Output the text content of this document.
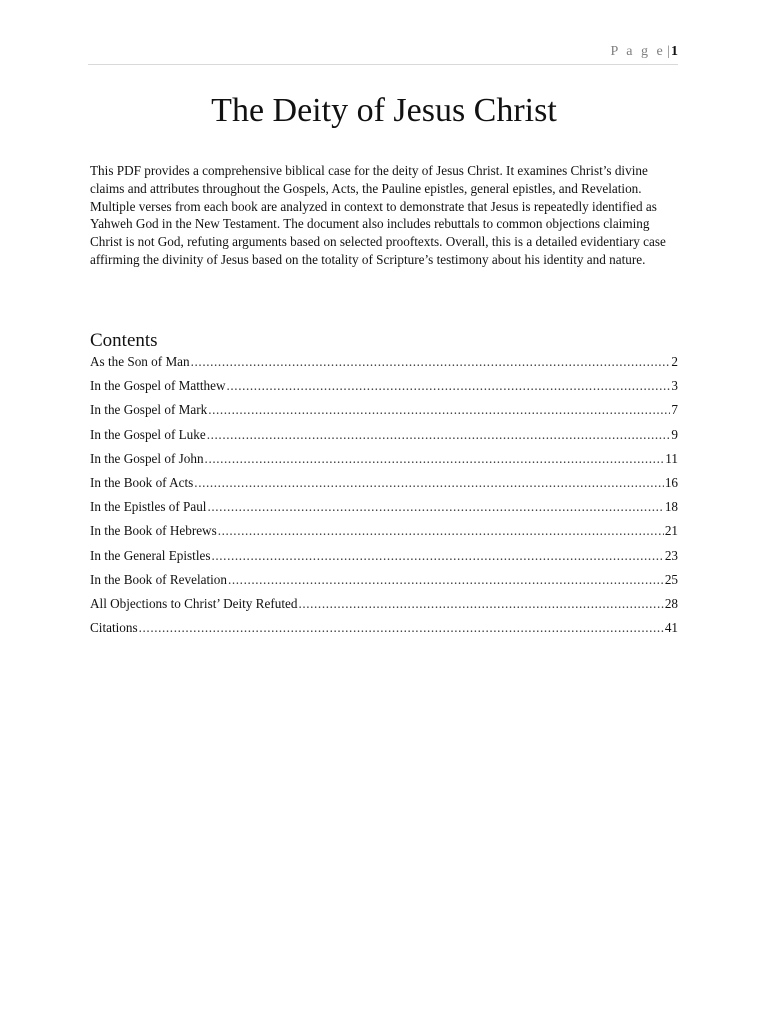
P a g e |1
The Deity of Jesus Christ

This PDF provides a comprehensive biblical case for the deity of Jesus Christ. It examines Christ’s divine claims and attributes throughout the Gospels, Acts, the Pauline epistles, general epistles, and Revelation. Multiple verses from each book are analyzed in context to demonstrate that Jesus is repeatedly identified as Yahweh God in the New Testament. The document also includes rebuttals to common objections claiming Christ is not God, refuting arguments based on selected prooftexts. Overall, this is a detailed evidentiary case affirming the divinity of Jesus based on the totality of Scripture’s testimony about his identity and nature.

Contents
As the Son of Man .....	2
In the Gospel of Matthew .....	3
In the Gospel of Mark .....	7
In the Gospel of Luke .....	9
In the Gospel of John .....	11
In the Book of Acts .....	16
In the Epistles of Paul .....	18
In the Book of Hebrews .....	21
In the General Epistles .....	23
In the Book of Revelation .....	25
All Objections to Christ’ Deity Refuted .....	28
Citations .....	41
